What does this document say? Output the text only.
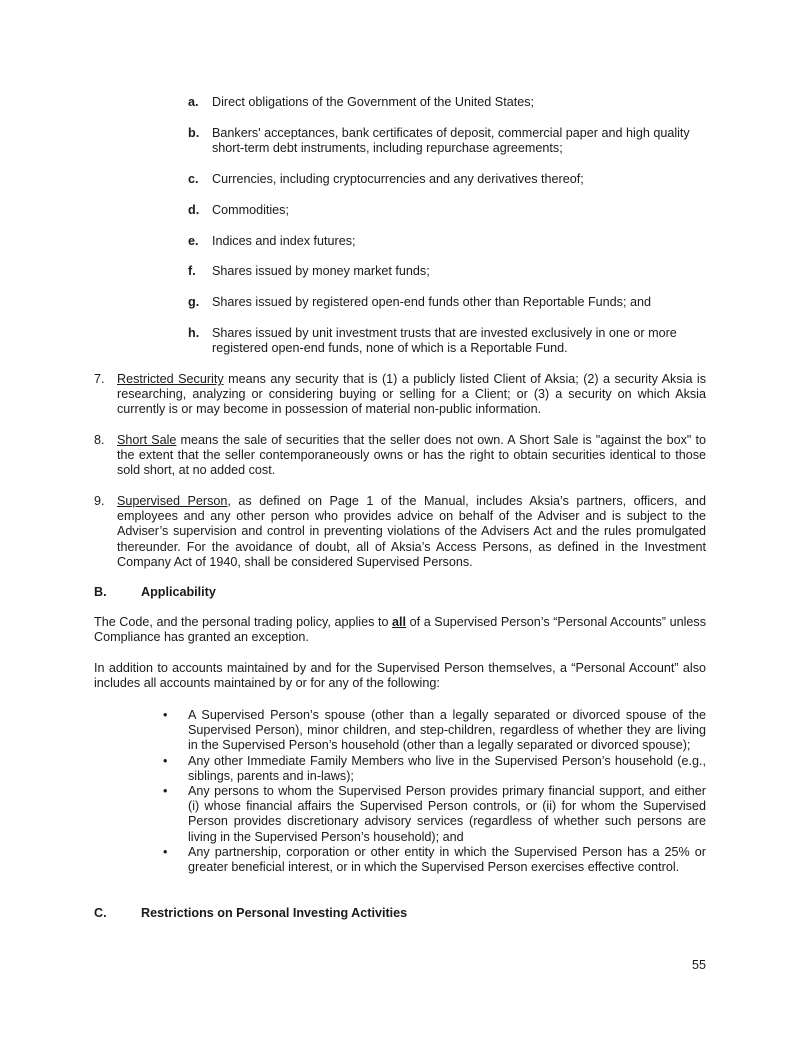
a.	Direct obligations of the Government of the United States;
b.	Bankers' acceptances, bank certificates of deposit, commercial paper and high quality short-term debt instruments, including repurchase agreements;
c.	Currencies, including cryptocurrencies and any derivatives thereof;
d.	Commodities;
e.	Indices and index futures;
f.	Shares issued by money market funds;
g.	Shares issued by registered open-end funds other than Reportable Funds; and
h.	Shares issued by unit investment trusts that are invested exclusively in one or more registered open-end funds, none of which is a Reportable Fund.
7. Restricted Security means any security that is (1) a publicly listed Client of Aksia; (2) a security Aksia is researching, analyzing or considering buying or selling for a Client; or (3) a security on which Aksia currently is or may become in possession of material non-public information.
8. Short Sale means the sale of securities that the seller does not own. A Short Sale is "against the box" to the extent that the seller contemporaneously owns or has the right to obtain securities identical to those sold short, at no added cost.
9. Supervised Person, as defined on Page 1 of the Manual, includes Aksia’s partners, officers, and employees and any other person who provides advice on behalf of the Adviser and is subject to the Adviser’s supervision and control in preventing violations of the Advisers Act and the rules promulgated thereunder. For the avoidance of doubt, all of Aksia’s Access Persons, as defined in the Investment Company Act of 1940, shall be considered Supervised Persons.
B.	Applicability
The Code, and the personal trading policy, applies to all of a Supervised Person’s “Personal Accounts” unless Compliance has granted an exception.
In addition to accounts maintained by and for the Supervised Person themselves, a “Personal Account” also includes all accounts maintained by or for any of the following:
• A Supervised Person’s spouse (other than a legally separated or divorced spouse of the Supervised Person), minor children, and step-children, regardless of whether they are living in the Supervised Person’s household (other than a legally separated or divorced spouse);
• Any other Immediate Family Members who live in the Supervised Person’s household (e.g., siblings, parents and in-laws);
• Any persons to whom the Supervised Person provides primary financial support, and either (i) whose financial affairs the Supervised Person controls, or (ii) for whom the Supervised Person provides discretionary advisory services (regardless of whether such persons are living in the Supervised Person’s household); and
• Any partnership, corporation or other entity in which the Supervised Person has a 25% or greater beneficial interest, or in which the Supervised Person exercises effective control.
C.	Restrictions on Personal Investing Activities
55
